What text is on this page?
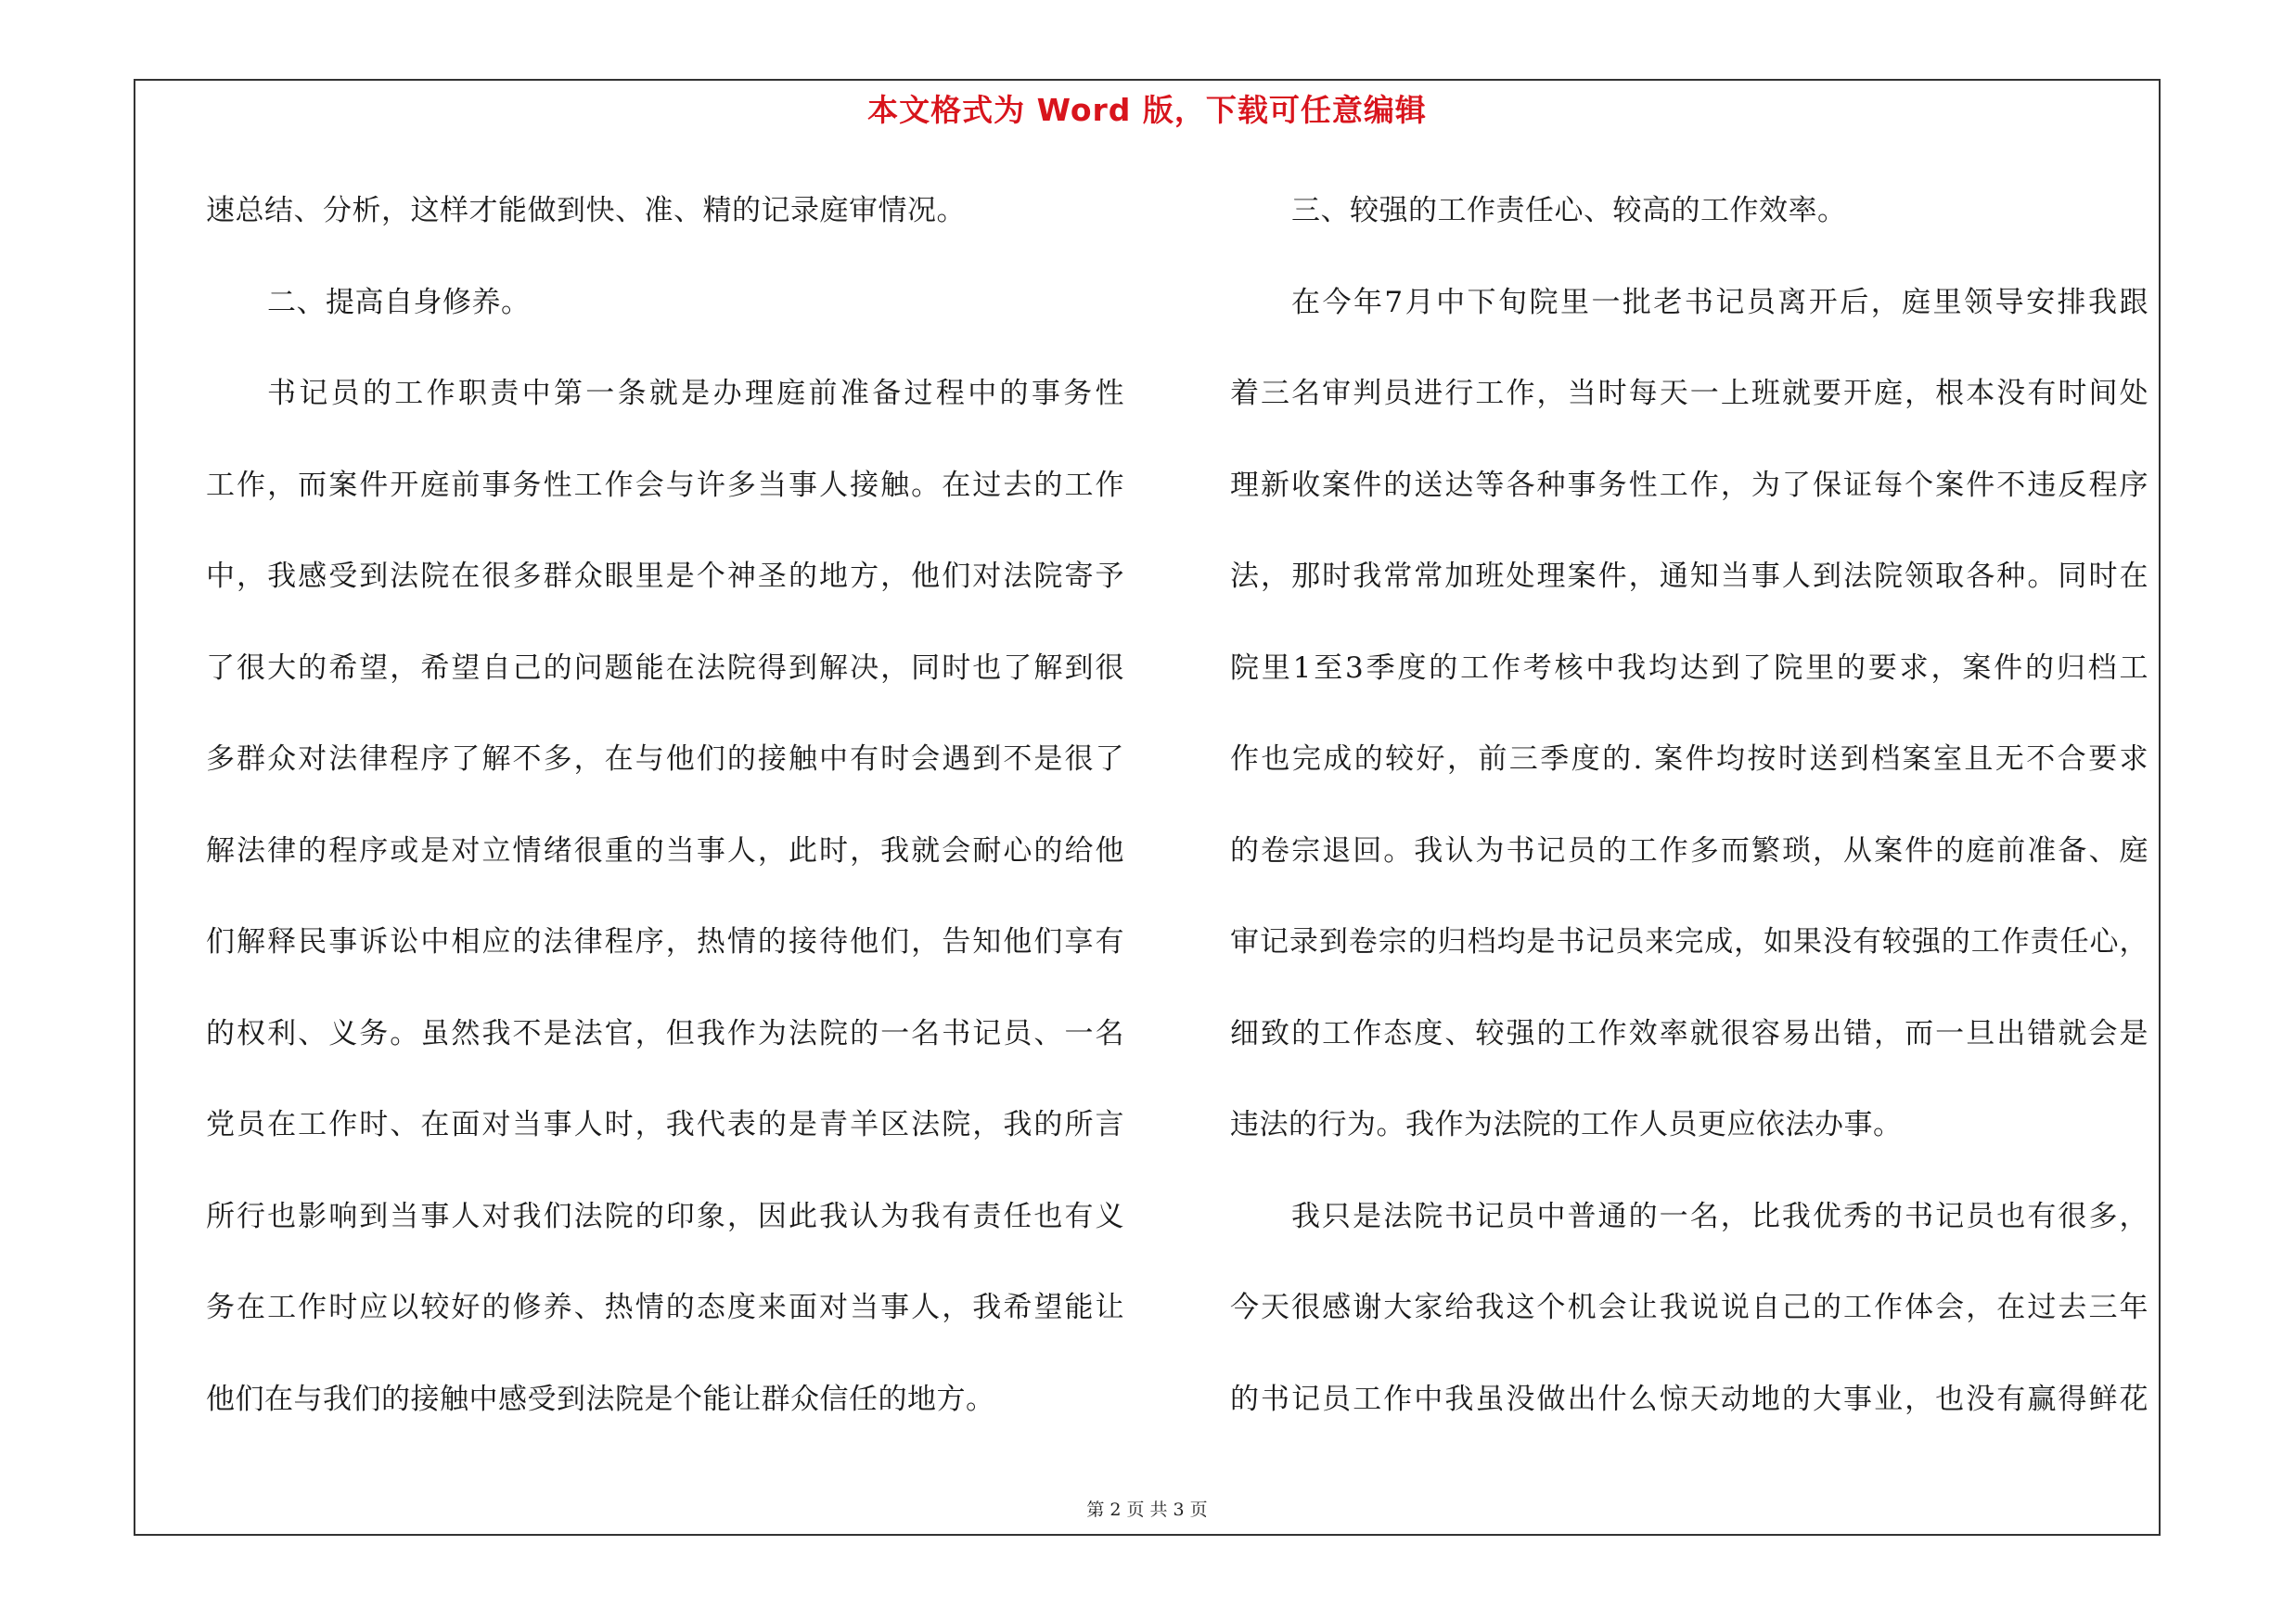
本文格式为 Word 版，下载可任意编辑
速总结、分析，这样才能做到快、准、精的记录庭审情况。
二、提高自身修养。
书记员的工作职责中第一条就是办理庭前准备过程中的事务性
工作，而案件开庭前事务性工作会与许多当事人接触。在过去的工作
中，我感受到法院在很多群众眼里是个神圣的地方，他们对法院寄予
了很大的希望，希望自己的问题能在法院得到解决，同时也了解到很
多群众对法律程序了解不多，在与他们的接触中有时会遇到不是很了
解法律的程序或是对立情绪很重的当事人，此时，我就会耐心的给他
们解释民事诉讼中相应的法律程序，热情的接待他们，告知他们享有
的权利、义务。虽然我不是法官，但我作为法院的一名书记员、一名
党员在工作时、在面对当事人时，我代表的是青羊区法院，我的所言
所行也影响到当事人对我们法院的印象，因此我认为我有责任也有义
务在工作时应以较好的修养、热情的态度来面对当事人，我希望能让
他们在与我们的接触中感受到法院是个能让群众信任的地方。
三、较强的工作责任心、较高的工作效率。
在今年7月中下旬院里一批老书记员离开后，庭里领导安排我跟
着三名审判员进行工作，当时每天一上班就要开庭，根本没有时间处
理新收案件的送达等各种事务性工作，为了保证每个案件不违反程序
法，那时我常常加班处理案件，通知当事人到法院领取各种。同时在
院里1至3季度的工作考核中我均达到了院里的要求，案件的归档工
作也完成的较好，前三季度的. 案件均按时送到档案室且无不合要求
的卷宗退回。我认为书记员的工作多而繁琐，从案件的庭前准备、庭
审记录到卷宗的归档均是书记员来完成，如果没有较强的工作责任心，
细致的工作态度、较强的工作效率就很容易出错，而一旦出错就会是
违法的行为。我作为法院的工作人员更应依法办事。
我只是法院书记员中普通的一名，比我优秀的书记员也有很多，
今天很感谢大家给我这个机会让我说说自己的工作体会，在过去三年
的书记员工作中我虽没做出什么惊天动地的大事业，也没有赢得鲜花
第 2 页 共 3 页
